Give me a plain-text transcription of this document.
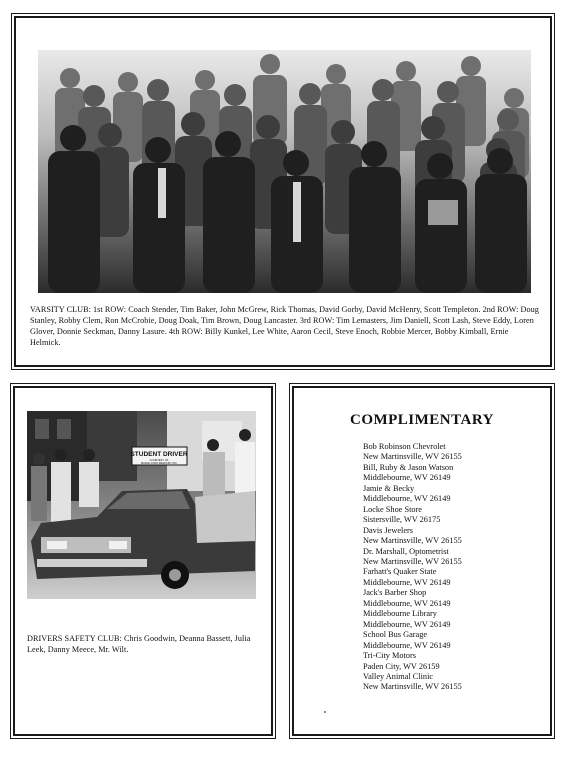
VARSITY CLUB: 1st ROW: Coach Stender, Tim Baker, John McGrew, Rick Thomas, David Gorby, David McHenry, Scott Templeton. 2nd ROW: Doug Stanley, Robby Clem, Ron McCrobie, Doug Doak, Tim Brown, Doug Lancaster. 3rd ROW: Tim Lemasters, Jim Daniell, Scott Lash, Steve Eddy, Loren Glover, Donnie Seckman, Danny Lasure. 4th ROW: Billy Kunkel, Lee White, Aaron Cecil, Steve Enoch, Robbie Mercer, Bobby Kimball, Ernie Helmick.

STUDENT DRIVER
COURTESY OF
MARLE FORD-MERCURY INC

DRIVERS SAFETY CLUB: Chris Goodwin, Deanna Bassett, Julia Leek, Danny Meece, Mr. Wilt.

COMPLIMENTARY
Bob Robinson Chevrolet
New Martinsville, WV 26155
Bill, Ruby & Jason Watson
Middlebourne, WV 26149
Jamie & Becky
Middlebourne, WV 26149
Locke Shoe Store
Sistersville, WV 26175
Davis Jewelers
New Martinsville, WV 26155
Dr. Marshall, Optometrist
New Martinsville, WV 26155
Farhatt's Quaker State
Middlebourne, WV 26149
Jack's Barber Shop
Middlebourne, WV 26149
Middlebourne Library
Middlebourne, WV 26149
School Bus Garage
Middlebourne, WV 26149
Tri-City Motors
Paden City, WV 26159
Valley Animal Clinic
New Martinsville, WV 26155
